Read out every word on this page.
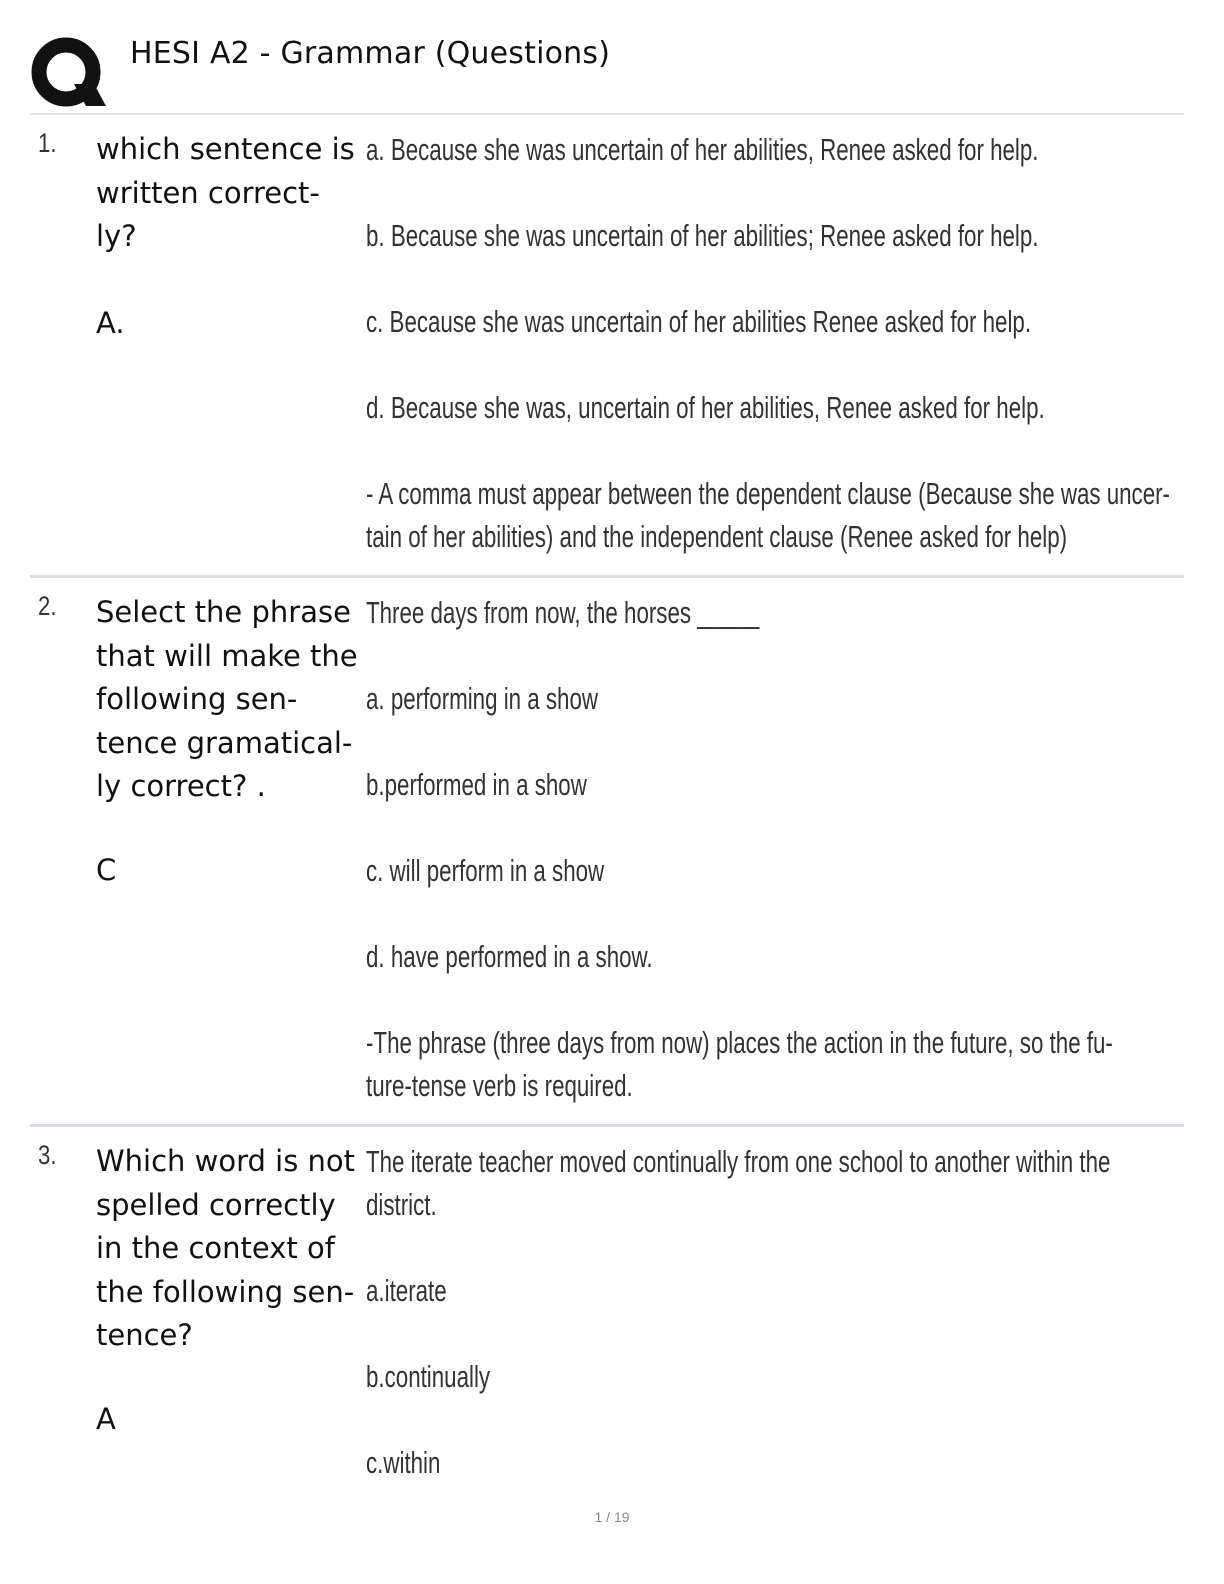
HESI A2 - Grammar (Questions)
1. which sentence is written correct-ly?
A.
a. Because she was uncertain of her abilities, Renee asked for help.
b. Because she was uncertain of her abilities; Renee asked for help.
c. Because she was uncertain of her abilities Renee asked for help.
d. Because she was, uncertain of her abilities, Renee asked for help.
- A comma must appear between the dependent clause (Because she was uncer-
tain of her abilities) and the independent clause (Renee asked for help)
2. Select the phrase that will make the following sen-tence gramatical-ly correct? .
C
Three days from now, the horses _____
a. performing in a show
b.performed in a show
c. will perform in a show
d. have performed in a show.
-The phrase (three days from now) places the action in the future, so the fu-
ture-tense verb is required.
3. Which word is not spelled correctly in the context of the following sen-tence?
A
The iterate teacher moved continually from one school to another within the
district.
a.iterate
b.continually
c.within
1 / 19
